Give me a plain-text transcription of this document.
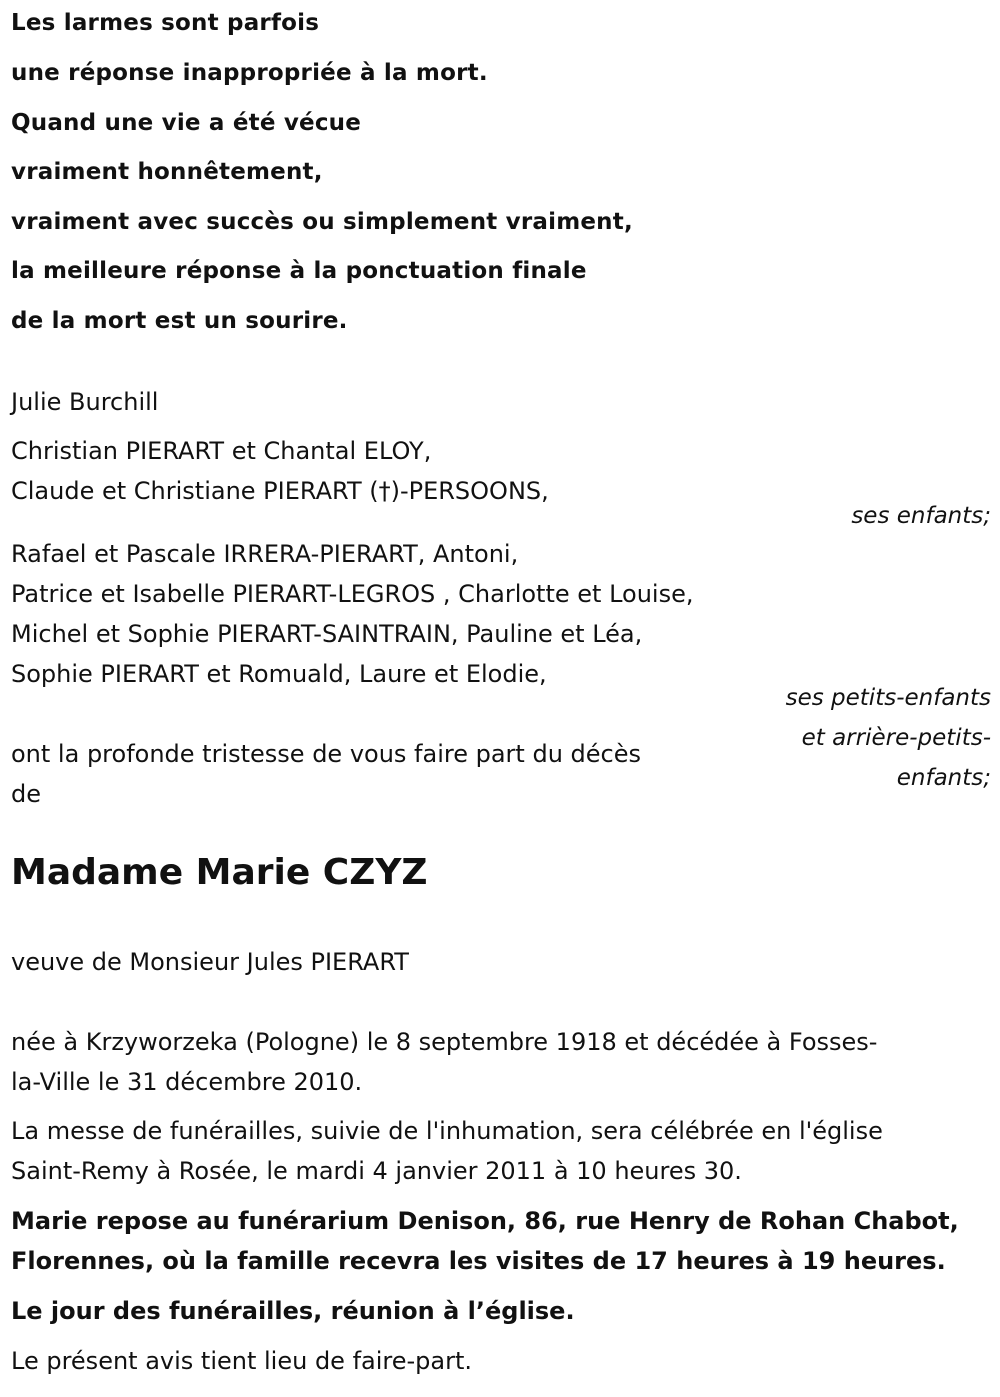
Les larmes sont parfois
une réponse inappropriée à la mort.
Quand une vie a été vécue
vraiment honnêtement,
vraiment avec succès ou simplement vraiment,
la meilleure réponse à la ponctuation finale
de la mort est un sourire.
Julie Burchill
Christian PIERART et Chantal ELOY,
Claude et Christiane PIERART (†)-PERSOONS,
ses enfants;
Rafael et Pascale IRRERA-PIERART, Antoni,
Patrice et Isabelle PIERART-LEGROS , Charlotte et Louise,
Michel et Sophie PIERART-SAINTRAIN, Pauline et Léa,
Sophie PIERART et Romuald, Laure et Elodie,
ses petits-enfants
et arrière-petits-
enfants;
ont la profonde tristesse de vous faire part du décès
de
Madame Marie CZYZ
veuve de Monsieur Jules PIERART
née à Krzyworzeka (Pologne) le 8 septembre 1918 et décédée à Fosses-
la-Ville le 31 décembre 2010.
La messe de funérailles, suivie de l'inhumation, sera célébrée en l'église
Saint-Remy à Rosée, le mardi 4 janvier 2011 à 10 heures 30.
Marie repose au funérarium Denison, 86, rue Henry de Rohan Chabot,
Florennes, où la famille recevra les visites de 17 heures à 19 heures.
Le jour des funérailles, réunion à l’église.
Le présent avis tient lieu de faire-part.
